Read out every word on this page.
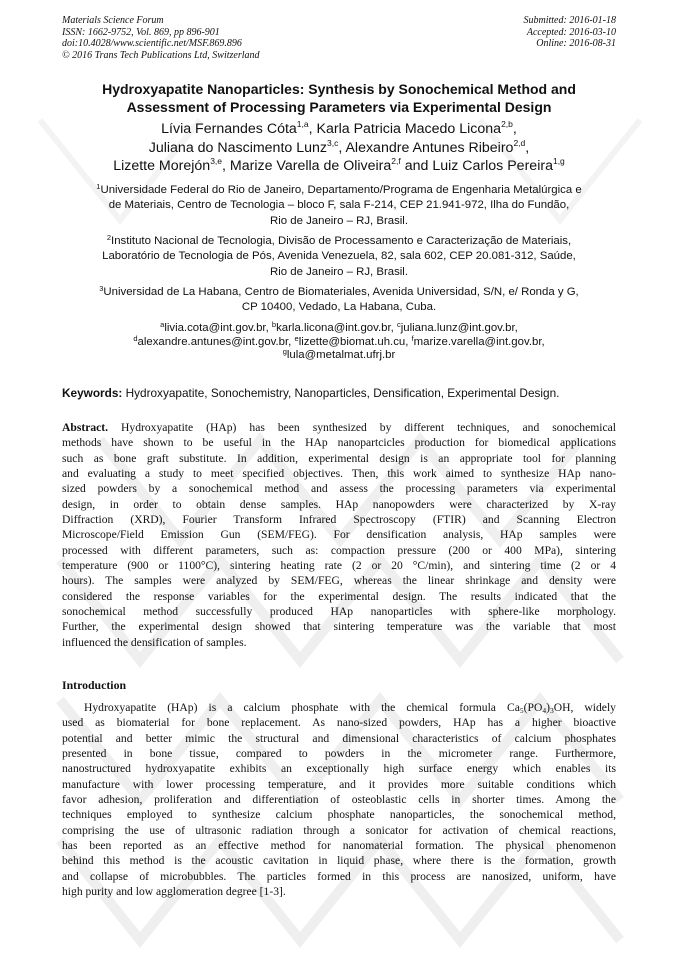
Materials Science Forum
ISSN: 1662-9752, Vol. 869, pp 896-901
doi:10.4028/www.scientific.net/MSF.869.896
© 2016 Trans Tech Publications Ltd, Switzerland
Submitted: 2016-01-18
Accepted: 2016-03-10
Online: 2016-08-31
Hydroxyapatite Nanoparticles: Synthesis by Sonochemical Method and
Assessment of Processing Parameters via Experimental Design
Lívia Fernandes Cóta$^{1,a}$, Karla Patricia Macedo Licona$^{2,b}$,
Juliana do Nascimento Lunz$^{3,c}$, Alexandre Antunes Ribeiro$^{2,d}$,
Lizette Morejón$^{3,e}$, Marize Varella de Oliveira$^{2,f}$ and Luiz Carlos Pereira$^{1,g}$
$^1$Universidade Federal do Rio de Janeiro, Departamento/Programa de Engenharia Metalúrgica e
de Materiais, Centro de Tecnologia – bloco F, sala F-214, CEP 21.941-972, Ilha do Fundão,
Rio de Janeiro – RJ, Brasil.
$^2$Instituto Nacional de Tecnologia, Divisão de Processamento e Caracterização de Materiais,
Laboratório de Tecnologia de Pós, Avenida Venezuela, 82, sala 602, CEP 20.081-312, Saúde,
Rio de Janeiro – RJ, Brasil.
$^3$Universidad de La Habana, Centro de Biomateriales, Avenida Universidad, S/N, e/ Ronda y G,
CP 10400, Vedado, La Habana, Cuba.
$^a$livia.cota@int.gov.br, $^b$karla.licona@int.gov.br, $^c$juliana.lunz@int.gov.br,
$^d$alexandre.antunes@int.gov.br, $^e$lizette@biomat.uh.cu, $^f$marize.varella@int.gov.br,
$^g$lula@metalmat.ufrj.br
Keywords: Hydroxyapatite, Sonochemistry, Nanoparticles, Densification, Experimental Design.
Abstract. Hydroxyapatite (HAp) has been synthesized by different techniques, and sonochemical
methods have shown to be useful in the HAp nanopartcicles production for biomedical applications
such as bone graft substitute. In addition, experimental design is an appropriate tool for planning
and evaluating a study to meet specified objectives. Then, this work aimed to synthesize HAp nano-
sized powders by a sonochemical method and assess the processing parameters via experimental
design, in order to obtain dense samples. HAp nanopowders were characterized by X-ray
Diffraction (XRD), Fourier Transform Infrared Spectroscopy (FTIR) and Scanning Electron
Microscope/Field Emission Gun (SEM/FEG). For densification analysis, HAp samples were
processed with different parameters, such as: compaction pressure (200 or 400 MPa), sintering
temperature (900 or 1100°C), sintering heating rate (2 or 20 °C/min), and sintering time (2 or 4
hours). The samples were analyzed by SEM/FEG, whereas the linear shrinkage and density were
considered the response variables for the experimental design. The results indicated that the
sonochemical method successfully produced HAp nanoparticles with sphere-like morphology.
Further, the experimental design showed that sintering temperature was the variable that most
influenced the densification of samples.
Introduction
Hydroxyapatite (HAp) is a calcium phosphate with the chemical formula $Ca_5(PO_4)_3OH$, widely
used as biomaterial for bone replacement. As nano-sized powders, HAp has a higher bioactive
potential and better mimic the structural and dimensional characteristics of calcium phosphates
presented in bone tissue, compared to powders in the micrometer range. Furthermore,
nanostructured hydroxyapatite exhibits an exceptionally high surface energy which enables its
manufacture with lower processing temperature, and it provides more suitable conditions which
favor adhesion, proliferation and differentiation of osteoblastic cells in shorter times. Among the
techniques employed to synthesize calcium phosphate nanoparticles, the sonochemical method,
comprising the use of ultrasonic radiation through a sonicator for activation of chemical reactions,
has been reported as an effective method for nanomaterial formation. The physical phenomenon
behind this method is the acoustic cavitation in liquid phase, where there is the formation, growth
and collapse of microbubbles. The particles formed in this process are nanosized, uniform, have
high purity and low agglomeration degree [1-3].
